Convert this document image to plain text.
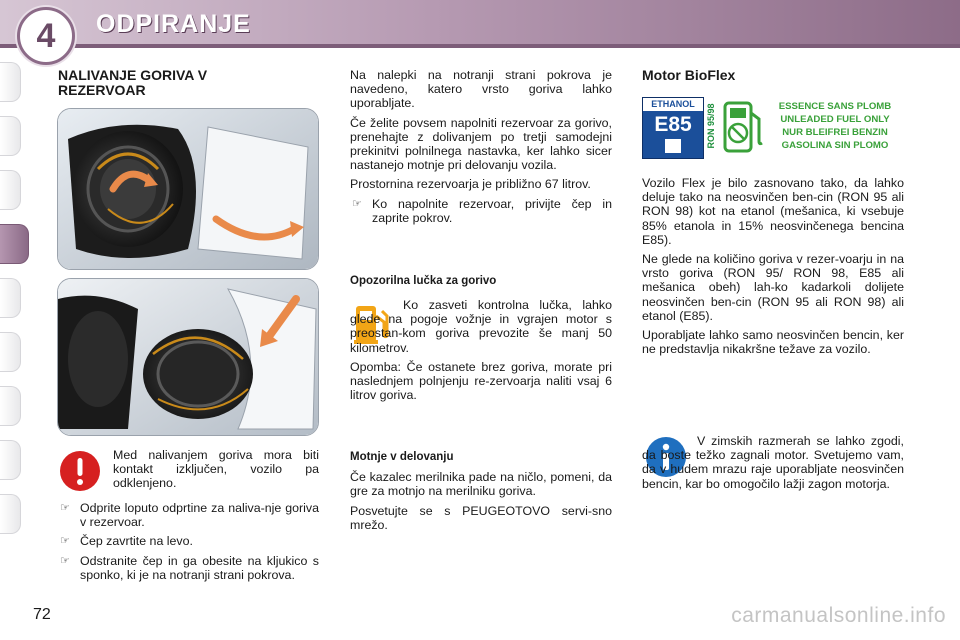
4	ODPIRANJE
NALIVANJE GORIVA V REZERVOAR

Med nalivanjem goriva mora biti kontakt izključen, vozilo pa odklenjeno.

☞ Odprite loputo odprtine za naliva-nje goriva v rezervoar.
☞ Čep zavrtite na levo.
☞ Odstranite čep in ga obesite na kljukico s sponko, ki je na notranji strani pokrova.

Na nalepki na notranji strani pokrova je navedeno, katero vrsto goriva lahko uporabljate.

Če želite povsem napolniti rezervoar za gorivo, prenehajte z dolivanjem po tretji samodejni prekinitvi polnilnega nastavka, ker lahko sicer nastanejo motnje pri delovanju vozila.

Prostornina rezervoarja je približno 67 litrov.

☞ Ko napolnite rezervoar, privijte čep in zaprite pokrov.
Opozorilna lučka za gorivo

Ko zasveti kontrolna lučka, lahko glede na pogoje vožnje in vgrajen motor s preostan-kom goriva prevozite še manj 50 kilometrov.

Opomba: Če ostanete brez goriva, morate pri naslednjem polnjenju re-zervoarja naliti vsaj 6 litrov goriva.

Motnje v delovanju

Če kazalec merilnika pade na ničlo, pomeni, da gre za motnjo na merilniku goriva.

Posvetujte se s PEUGEOTOVO servi-sno mrežo.

Motor BioFlex
ETHANOL
E85	RON 95/98	ESSENCE SANS PLOMB
UNLEADED FUEL ONLY
NUR BLEIFREI BENZIN
GASOLINA SIN PLOMO

Vozilo Flex je bilo zasnovano tako, da lahko deluje tako na neosvinčen ben-cin (RON 95 ali RON 98) kot na etanol (mešanica, ki vsebuje 85% etanola in 15% neosvinčenega bencina E85).

Ne glede na količino goriva v rezer-voarju in na vrsto goriva (RON 95/ RON 98, E85 ali mešanica obeh) lah-ko kadarkoli dolijete neosvinčen ben-cin (RON 95 ali RON 98) ali etanol (E85).

Uporabljate lahko samo neosvinčen bencin, ker ne predstavlja nikakršne težave za vozilo.

V zimskih razmerah se lahko zgodi, da boste težko zagnali motor. Svetujemo vam, da v hudem mrazu raje uporabljate neosvinčen bencin, kar bo omogočilo lažji zagon motorja.

72	carmanualsonline.info
